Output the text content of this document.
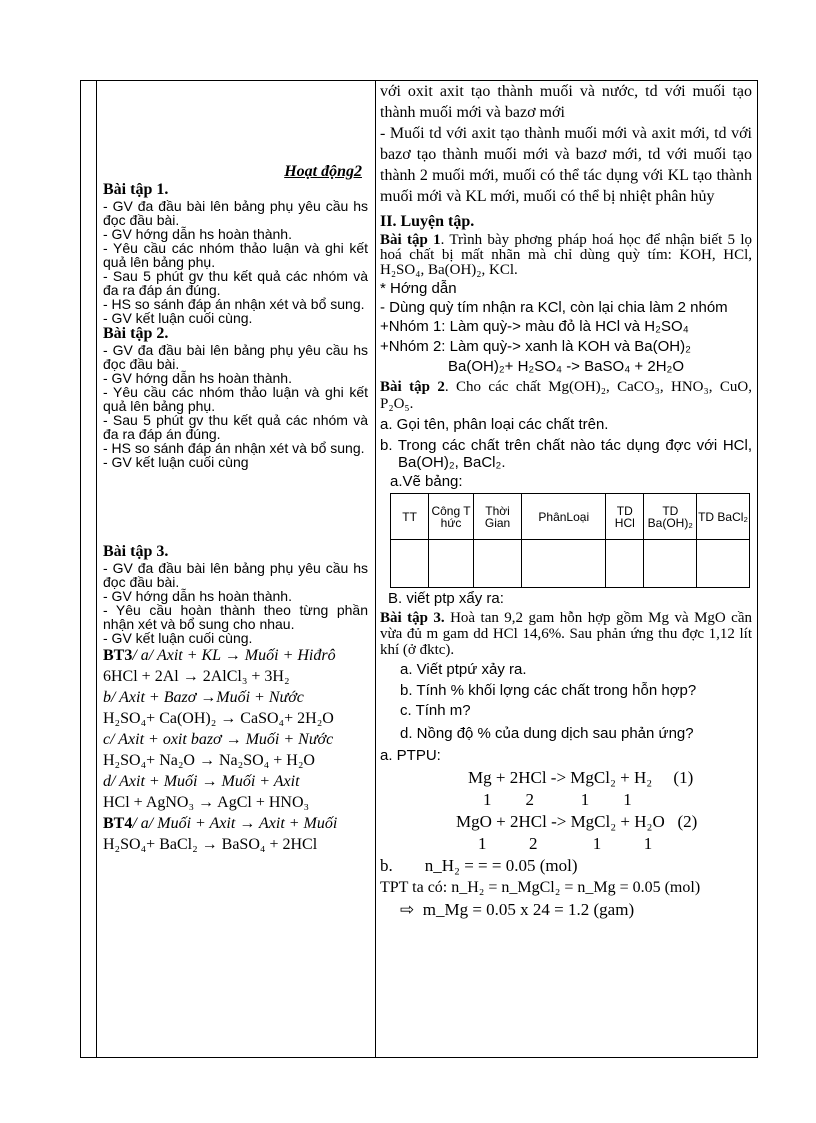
Hoạt động2

Bài tập 1.

- GV đa đầu bài lên bảng phụ yêu cầu hs đọc đầu bài.

- GV hớng dẫn hs hoàn thành.

- Yêu cầu các nhóm thảo luận và ghi kết quả lên bảng phụ.

- Sau 5 phút gv thu kết quả các nhóm và đa ra đáp án đúng.

- HS so sánh đáp án nhận xét và bổ sung.

- GV kết luận cuối cùng.

Bài tập 2.

- GV đa đầu bài lên bảng phụ yêu cầu hs đọc đầu bài.

- GV hớng dẫn hs hoàn thành.

- Yêu cầu các nhóm thảo luận và ghi kết quả lên bảng phụ.

- Sau 5 phút gv thu kết quả các nhóm và đa ra đáp án đúng.

- HS so sánh đáp án nhận xét và bổ sung.

- GV kết luận cuối cùng

Bài tập 3.

- GV đa đầu bài lên bảng phụ yêu cầu hs đọc đầu bài.

- GV hớng dẫn hs hoàn thành.

- Yêu cầu hoàn thành theo từng phần nhận xét và bổ sung cho nhau.

- GV kết luận cuối cùng.

BT3/ a/ Axit + KL → Muối + Hiđrô

6HCl + 2Al → 2AlCl₃ + 3H₂

b/ Axit + Bazơ →Muối + Nước

H₂SO₄+ Ca(OH)₂ → CaSO₄+ 2H₂O

c/ Axit + oxit bazơ → Muối + Nước

H₂SO₄+ Na₂O → Na₂SO₄ + H₂O

d/ Axit + Muối → Muối + Axit

HCl + AgNO₃ → AgCl + HNO₃

BT4/ a/ Muối + Axit → Axit + Muối

H₂SO₄+ BaCl₂ → BaSO₄ + 2HCl

với oxit axit tạo thành muối và nước, td với muối tạo thành muối mới và bazơ mới

- Muối td với axit tạo thành muối mới và axit mới, td với bazơ tạo thành muối mới và bazơ mới, td với muối tạo thành 2 muối mới, muối có thể tác dụng với KL tạo thành muối mới và KL mới, muối có thể bị nhiệt phân hủy

II. Luyện tập.

Bài tập 1. Trình bày phơng pháp hoá học để nhận biết 5 lọ hoá chất bị mất nhãn mà chỉ dùng quỳ tím: KOH, HCl, H₂SO₄, Ba(OH)₂, KCl.

* Hớng dẫn

- Dùng quỳ tím nhận ra KCl, còn lại chia làm 2 nhóm

+Nhóm 1: Làm quỳ-> màu đỏ là HCl và H₂SO₄

+Nhóm 2: Làm quỳ-> xanh là KOH và Ba(OH)₂

Ba(OH)₂+ H₂SO₄ -> BaSO₄ + 2H₂O

Bài tập 2. Cho các chất Mg(OH)₂, CaCO₃, HNO₃, CuO, P₂O₅.

a. Gọi tên, phân loại các chất trên.

b. Trong các chất trên chất nào tác dụng đợc với HCl, Ba(OH)₂, BaCl₂.

a.Vẽ bảng:

TT	Công T hức	Thời Gian	PhânLoại	TD HCl	TD Ba(OH)₂	TD BaCl₂

B. viết ptp xẩy ra:

Bài tập 3. Hoà tan 9,2 gam hỗn hợp gồm Mg và MgO cần vừa đủ m gam dd HCl 14,6%. Sau phản ứng thu đợc 1,12 lít khí (ở đktc).

a. Viết ptpứ xảy ra.

b. Tính % khối lợng các chất trong hỗn hợp?

c. Tính m?

d. Nồng độ % của dung dịch sau phản ứng?

a. PTPU:

Mg + 2HCl -> MgCl₂ + H₂     (1)

1        2           1        1

MgO + 2HCl -> MgCl₂ + H₂O   (2)

1          2             1          1

b. n_H₂ = = = 0.05 (mol)

TPT ta có: n_H₂ = n_MgCl₂ = n_Mg = 0.05 (mol)

⇨  m_Mg = 0.05 x 24 = 1.2 (gam)
